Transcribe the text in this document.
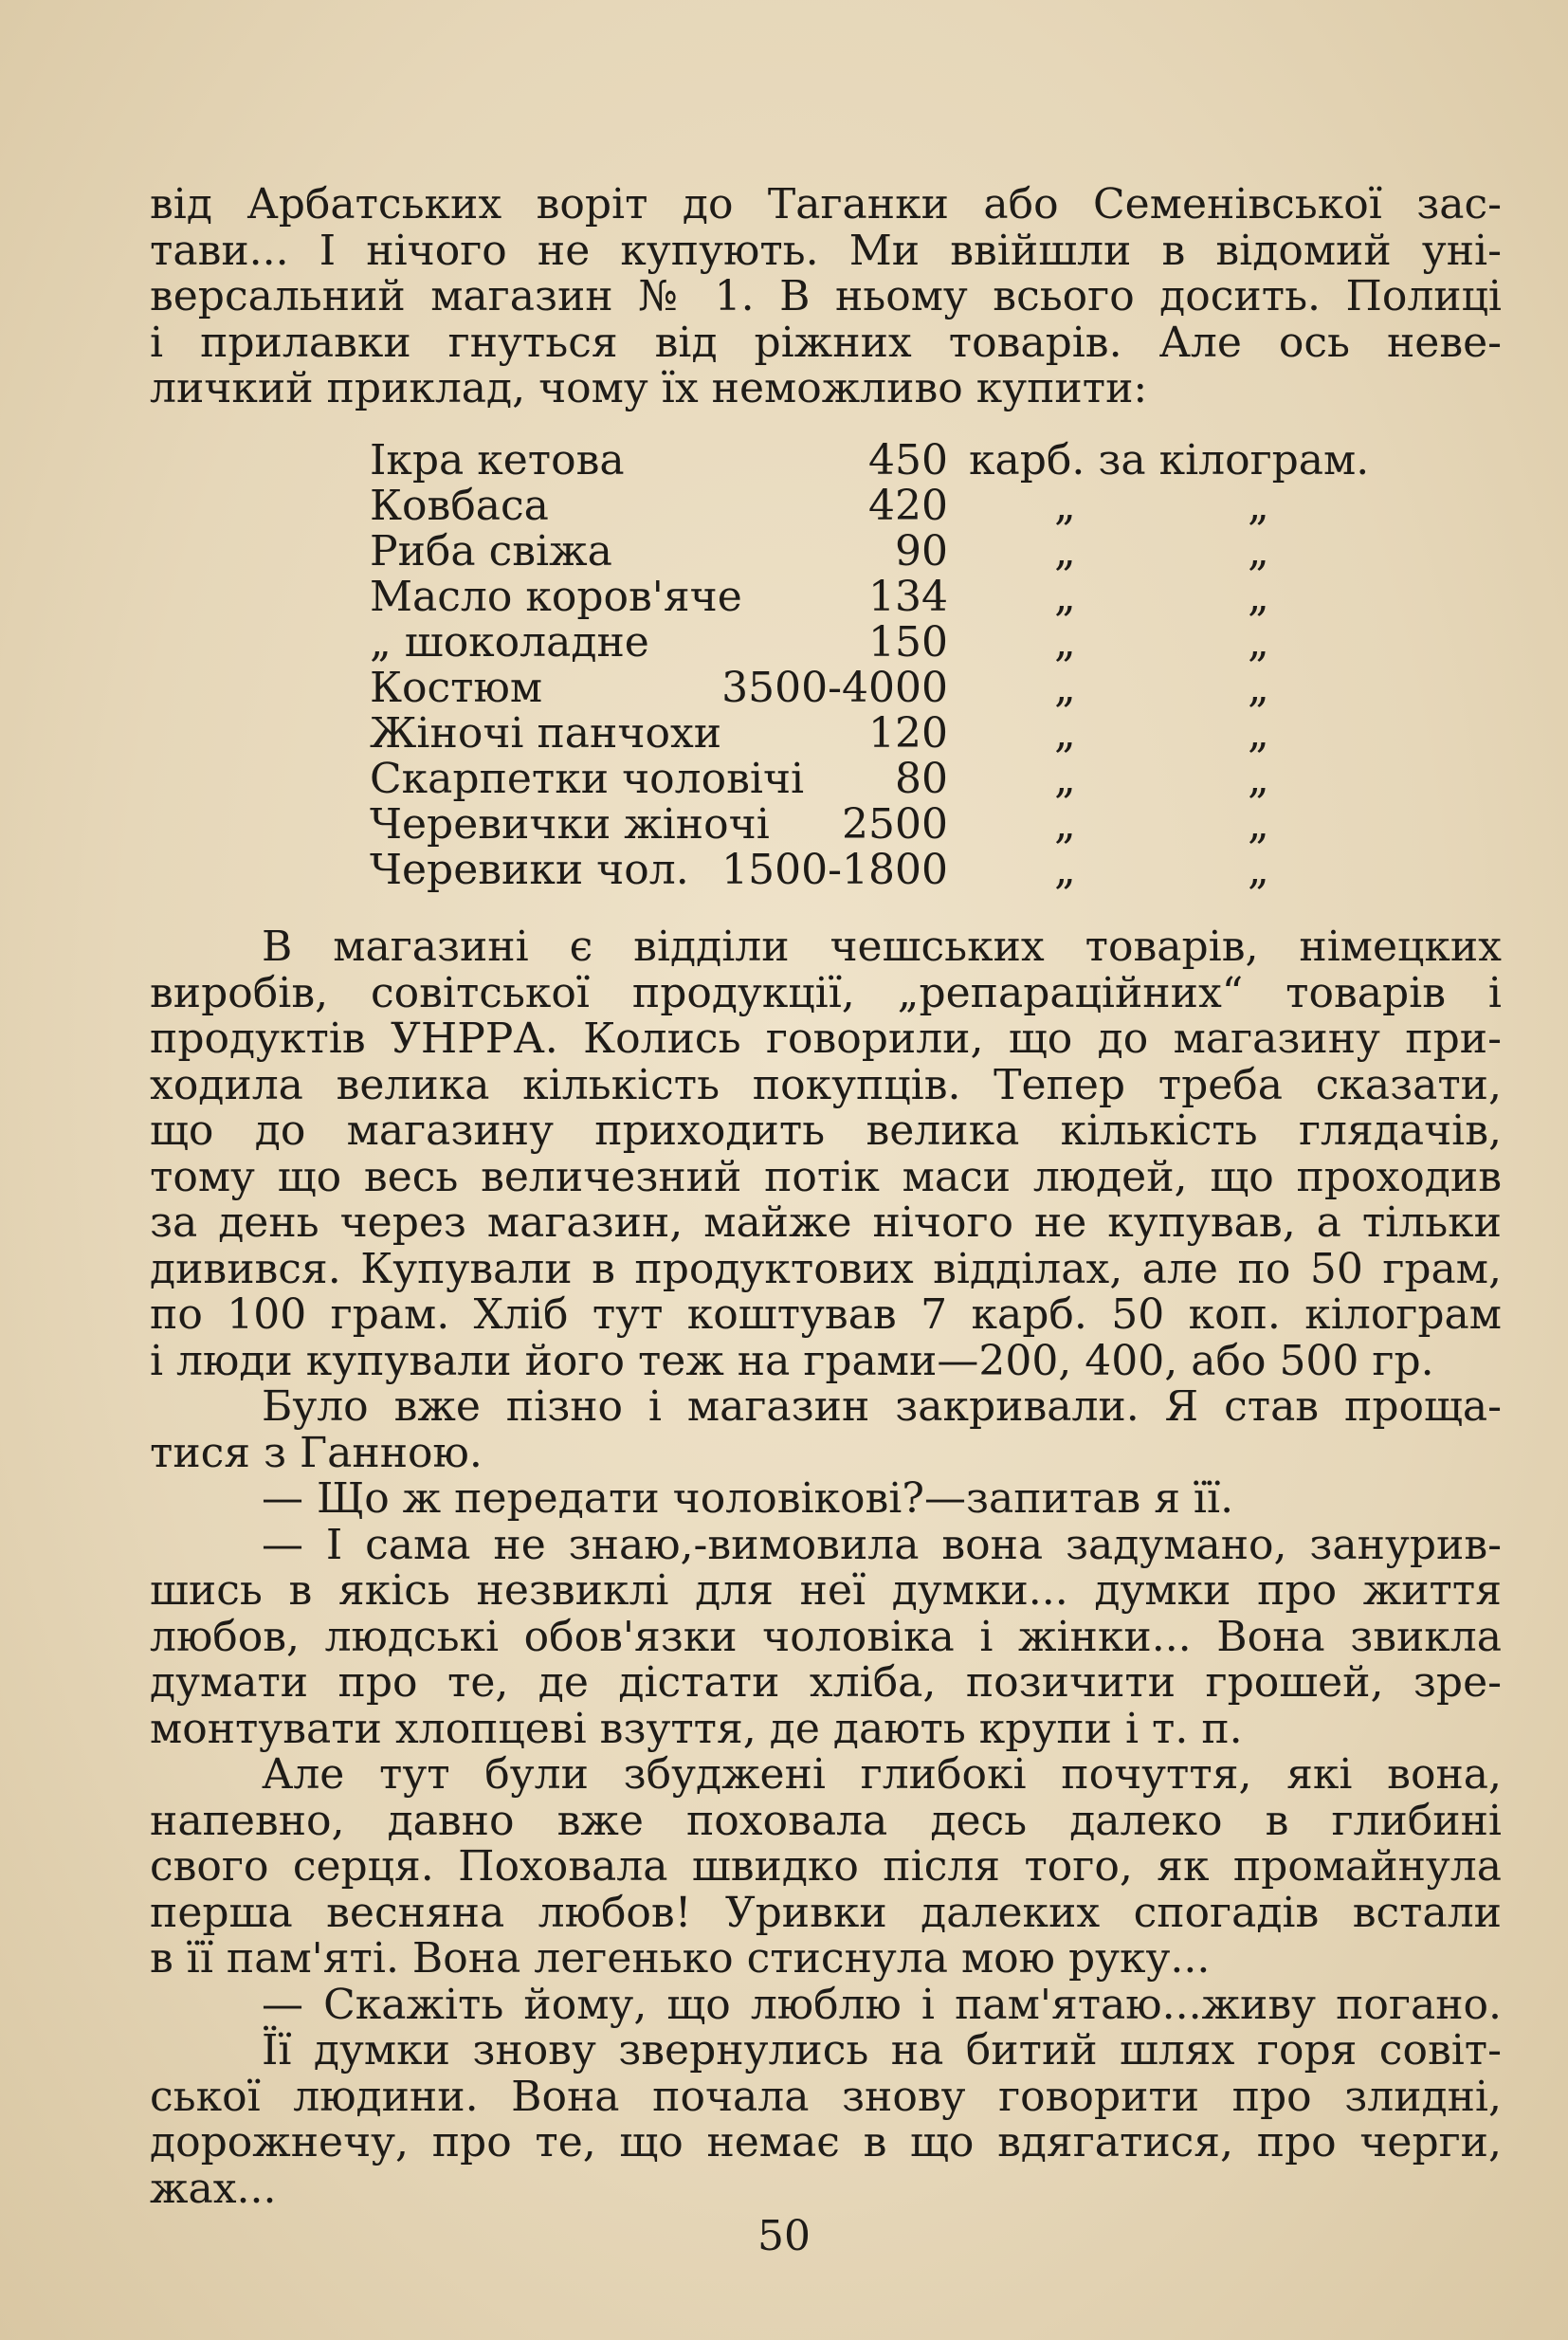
від Арбатських воріт до Таганки або Семенівської зас-
тави... І нічого не купують. Ми ввійшли в відомий уні-
версальний магазин № 1. В ньому всього досить. Полиці
і прилавки гнуться від ріжних товарів. Але ось неве-
личкий приклад, чому їх неможливо купити:
Ікра кетова	450 карб. за кілограм.
Ковбаса	420	„	„
Риба свіжа	90	„	„
Масло коров'яче	134	„	„
„ шоколадне	150	„	„
Костюм	3500-4000	„	„
Жіночі панчохи	120	„	„
Скарпетки чоловічі 80	„	„
Черевички жіночі 2500	„	„
Черевики чол. 1500-1800	„	„
В магазині є відділи чешських товарів, німецких
виробів, совітської продукції, „репараційних“ товарів і
продуктів УНРРА. Колись говорили, що до магазину при-
ходила велика кількість покупців. Тепер треба сказати,
що до магазину приходить велика кількість глядачів,
тому що весь величезний потік маси людей, що проходив
за день через магазин, майже нічого не купував, а тільки
дивився. Купували в продуктових відділах, але по 50 грам,
по 100 грам. Хліб тут коштував 7 карб. 50 коп. кілограм
і люди купували його теж на грами—200, 400, або 500 гр.
Було вже пізно і магазин закривали. Я став проща-
тися з Ганною.
— Що ж передати чоловікові?—запитав я її.
— І сама не знаю,-вимовила вона задумано, занурив-
шись в якісь незвиклі для неї думки... думки про життя
любов, людські обов'язки чоловіка і жінки... Вона звикла
думати про те, де дістати хліба, позичити грошей, зре-
монтувати хлопцеві взуття, де дають крупи і т. п.
Але тут були збуджені глибокі почуття, які вона,
напевно, давно вже поховала десь далеко в глибині
свого серця. Поховала швидко після того, як промайнула
перша весняна любов! Уривки далеких спогадів встали
в її пам'яті. Вона легенько стиснула мою руку...
— Скажіть йому, що люблю і пам'ятаю...живу погано.
Її думки знову звернулись на битий шлях горя совіт-
ської людини. Вона почала знову говорити про злидні,
дорожнечу, про те, що немає в що вдягатися, про черги,
жах...
50
